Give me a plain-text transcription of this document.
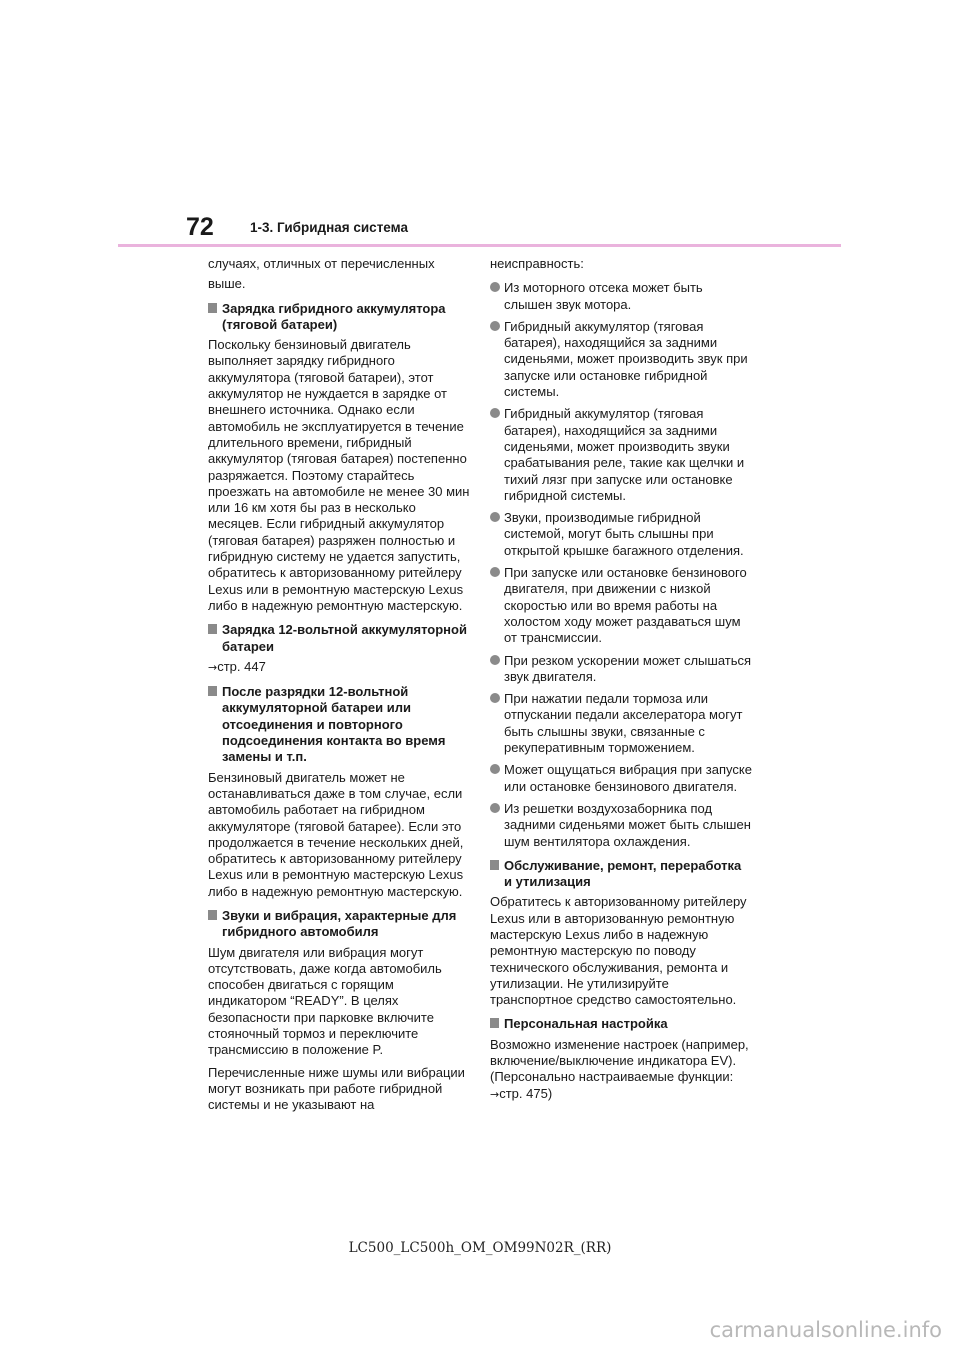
72	1-3. Гибридная система

случаях, отличных от перечисленных

выше.

Зарядка гибридного аккумулятора (тяговой батареи)

Поскольку бензиновый двигатель выполняет зарядку гибридного аккумулятора (тяговой батареи), этот аккумулятор не нуждается в зарядке от внешнего источника. Однако если автомобиль не эксплуатируется в течение длительного времени, гибридный аккумулятор (тяговая батарея) постепенно разряжается. Поэтому старайтесь проезжать на автомобиле не менее 30 мин или 16 км хотя бы раз в несколько месяцев. Если гибридный аккумулятор (тяговая батарея) разряжен полностью и гибридную систему не удается запустить, обратитесь к авторизованному ритейлеру Lexus или в ремонтную мастерскую Lexus либо в надежную ремонтную мастерскую.

Зарядка 12-вольтной аккумуляторной батареи

→стр. 447

После разрядки 12-вольтной аккумуляторной батареи или отсоединения и повторного подсоединения контакта во время замены и т.п.

Бензиновый двигатель может не останавливаться даже в том случае, если автомобиль работает на гибридном аккумуляторе (тяговой батарее). Если это продолжается в течение нескольких дней, обратитесь к авторизованному ритейлеру Lexus или в ремонтную мастерскую Lexus либо в надежную ремонтную мастерскую.

Звуки и вибрация, характерные для гибридного автомобиля

Шум двигателя или вибрация могут отсутствовать, даже когда автомобиль способен двигаться с горящим индикатором “READY”. В целях безопасности при парковке включите стояночный тормоз и переключите трансмиссию в положение P.

Перечисленные ниже шумы или вибрации могут возникать при работе гибридной системы и не указывают на

неисправность:

Из моторного отсека может быть слышен звук мотора.
Гибридный аккумулятор (тяговая батарея), находящийся за задними сиденьями, может производить звук при запуске или остановке гибридной системы.
Гибридный аккумулятор (тяговая батарея), находящийся за задними сиденьями, может производить звуки срабатывания реле, такие как щелчки и тихий лязг при запуске или остановке гибридной системы.
Звуки, производимые гибридной системой, могут быть слышны при открытой крышке багажного отделения.
При запуске или остановке бензинового двигателя, при движении с низкой скоростью или во время работы на холостом ходу может раздаваться шум от трансмиссии.
При резком ускорении может слышаться звук двигателя.
При нажатии педали тормоза или отпускании педали акселератора могут быть слышны звуки, связанные с рекуперативным торможением.
Может ощущаться вибрация при запуске или остановке бензинового двигателя.
Из решетки воздухозаборника под задними сиденьями может быть слышен шум вентилятора охлаждения.
Обслуживание, ремонт, переработка и утилизация

Обратитесь к авторизованному ритейлеру Lexus или в авторизованную ремонтную мастерскую Lexus либо в надежную ремонтную мастерскую по поводу технического обслуживания, ремонта и утилизации. Не утилизируйте транспортное средство самостоятельно.

Персональная настройка

Возможно изменение настроек (например, включение/выключение индикатора EV). (Персонально настраиваемые функции:

→стр. 475)

LC500_LC500h_OM_OM99N02R_(RR)
carmanualsonline.info
